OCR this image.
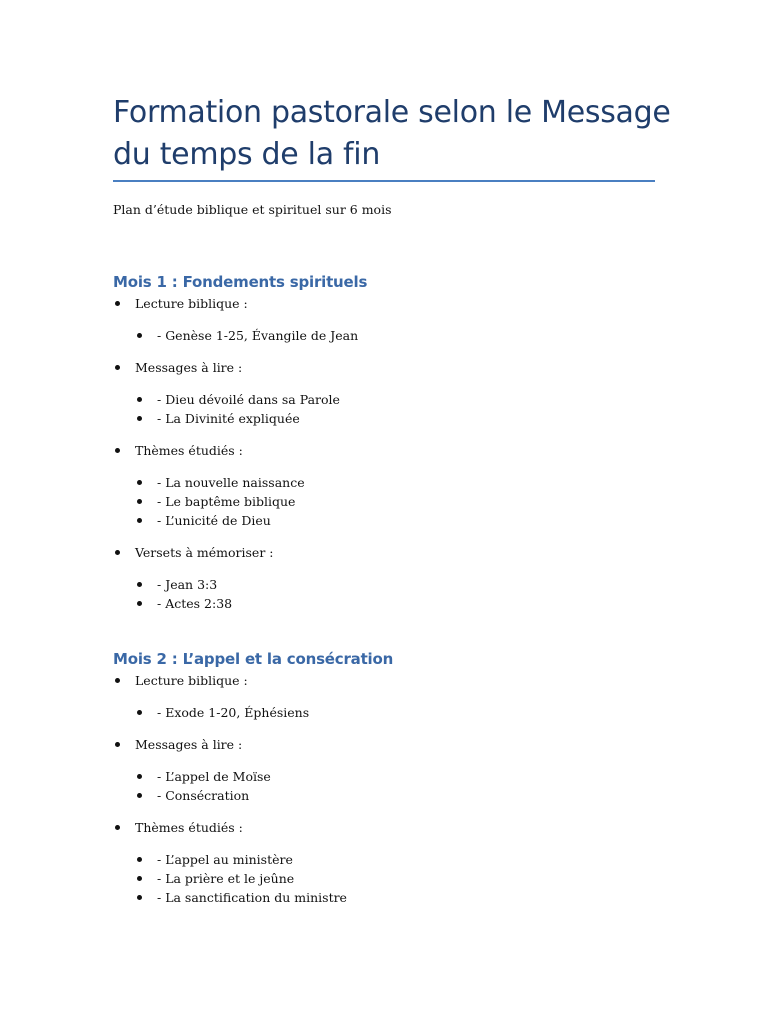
Formation pastorale selon le Message du temps de la fin

Plan d’étude biblique et spirituel sur 6 mois

Mois 1 : Fondements spirituels
Lecture biblique :
- Genèse 1-25, Évangile de Jean
Messages à lire :
- Dieu dévoilé dans sa Parole
- La Divinité expliquée
Thèmes étudiés :
- La nouvelle naissance
- Le baptême biblique
- L’unicité de Dieu
Versets à mémoriser :
- Jean 3:3
- Actes 2:38
Mois 2 : L’appel et la consécration
Lecture biblique :
- Exode 1-20, Éphésiens
Messages à lire :
- L’appel de Moïse
- Consécration
Thèmes étudiés :
- L’appel au ministère
- La prière et le jeûne
- La sanctification du ministre
